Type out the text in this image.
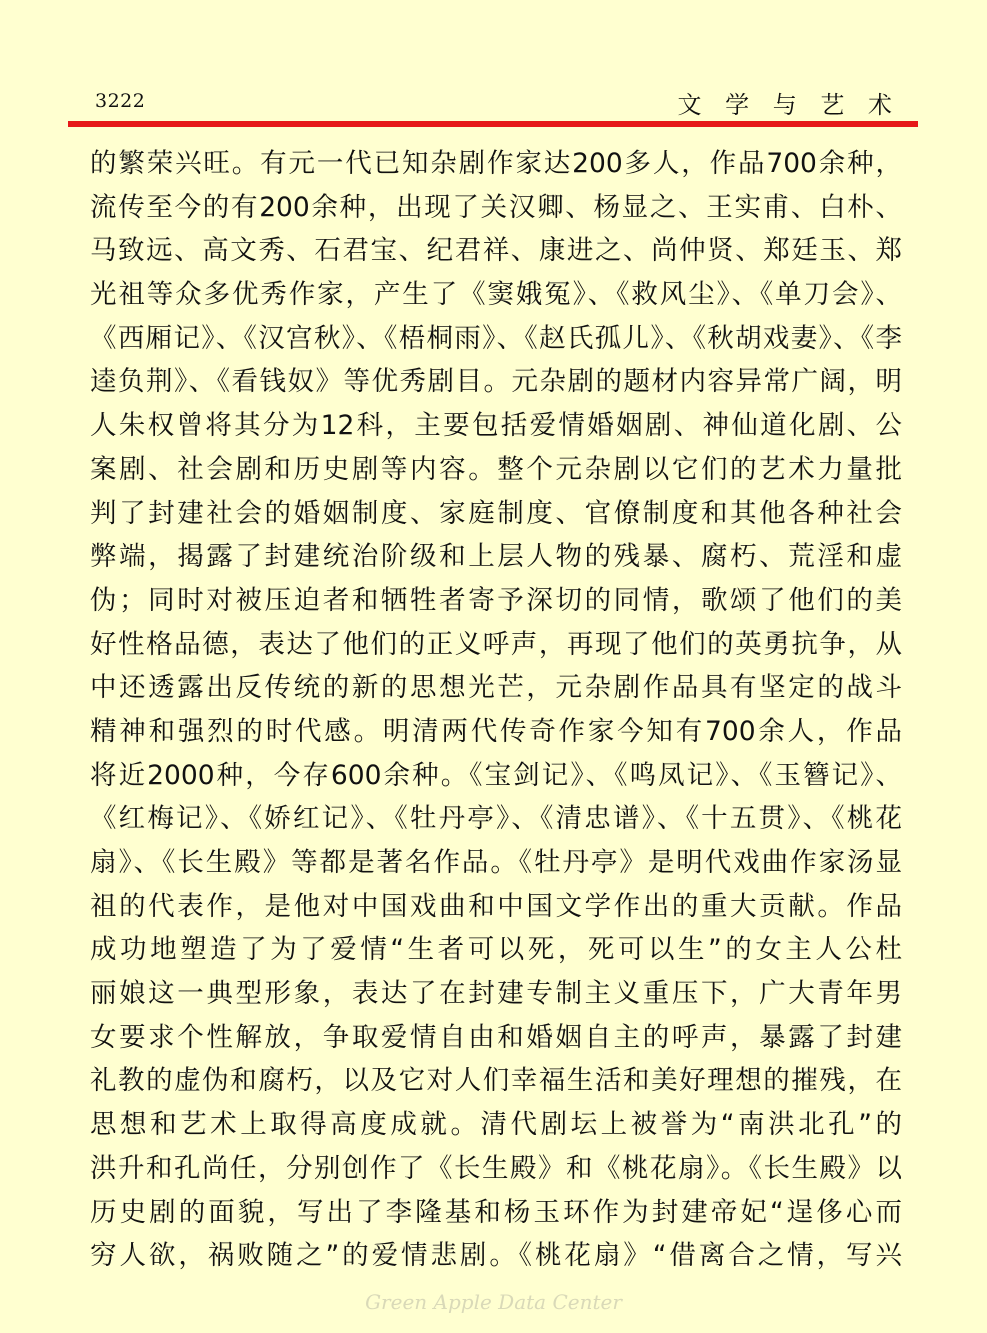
3222	文 学 与 艺 术
的繁荣兴旺。有元一代已知杂剧作家达200多人，作品700余种，
流传至今的有200余种，出现了关汉卿、杨显之、王实甫、白朴、
马致远、高文秀、石君宝、纪君祥、康进之、尚仲贤、郑廷玉、郑
光祖等众多优秀作家，产生了《窦娥冤》、《救风尘》、《单刀会》、
《西厢记》、《汉宫秋》、《梧桐雨》、《赵氏孤儿》、《秋胡戏妻》、《李
逵负荆》、《看钱奴》等优秀剧目。元杂剧的题材内容异常广阔，明
人朱权曾将其分为12科，主要包括爱情婚姻剧、神仙道化剧、公
案剧、社会剧和历史剧等内容。整个元杂剧以它们的艺术力量批
判了封建社会的婚姻制度、家庭制度、官僚制度和其他各种社会
弊端，揭露了封建统治阶级和上层人物的残暴、腐朽、荒淫和虚
伪；同时对被压迫者和牺牲者寄予深切的同情，歌颂了他们的美
好性格品德，表达了他们的正义呼声，再现了他们的英勇抗争，从
中还透露出反传统的新的思想光芒，元杂剧作品具有坚定的战斗
精神和强烈的时代感。明清两代传奇作家今知有700余人，作品
将近2000种，今存600余种。《宝剑记》、《鸣凤记》、《玉簪记》、
《红梅记》、《娇红记》、《牡丹亭》、《清忠谱》、《十五贯》、《桃花
扇》、《长生殿》等都是著名作品。《牡丹亭》是明代戏曲作家汤显
祖的代表作，是他对中国戏曲和中国文学作出的重大贡献。作品
成功地塑造了为了爱情“生者可以死，死可以生”的女主人公杜
丽娘这一典型形象，表达了在封建专制主义重压下，广大青年男
女要求个性解放，争取爱情自由和婚姻自主的呼声，暴露了封建
礼教的虚伪和腐朽，以及它对人们幸福生活和美好理想的摧残，在
思想和艺术上取得高度成就。清代剧坛上被誉为“南洪北孔”的
洪升和孔尚任，分别创作了《长生殿》和《桃花扇》。《长生殿》以
历史剧的面貌，写出了李隆基和杨玉环作为封建帝妃“逞侈心而
穷人欲，祸败随之”的爱情悲剧。《桃花扇》“借离合之情，写兴
Green Apple Data Center
